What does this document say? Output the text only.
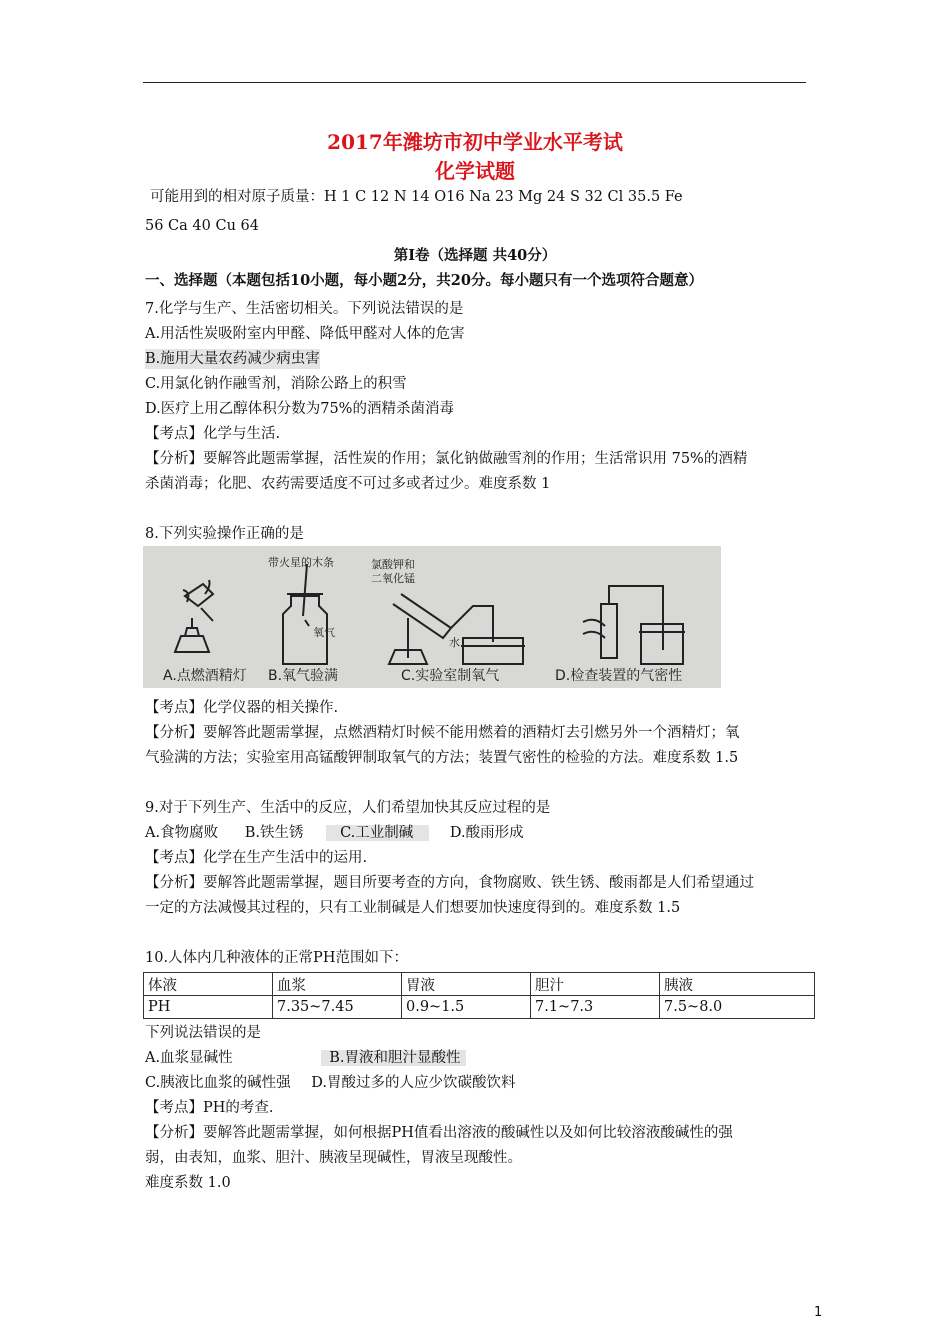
2017年潍坊市初中学业水平考试
化学试题
可能用到的相对原子质量：H 1 C 12 N 14 O16 Na 23 Mg 24 S 32 Cl 35.5 Fe
56 Ca 40 Cu 64
第Ⅰ卷（选择题 共40分）
一、选择题（本题包括10小题，每小题2分，共20分。每小题只有一个选项符合题意）
7.化学与生产、生活密切相关。下列说法错误的是
A.用活性炭吸附室内甲醛、降低甲醛对人体的危害
B.施用大量农药减少病虫害
C.用氯化钠作融雪剂，消除公路上的积雪
D.医疗上用乙醇体积分数为75%的酒精杀菌消毒
【考点】化学与生活.
【分析】要解答此题需掌握，活性炭的作用；氯化钠做融雪剂的作用；生活常识用 75%的酒精
杀菌消毒；化肥、农药需要适度不可过多或者过少。难度系数 1
8.下列实验操作正确的是
带火星的木条
氧气
氯酸钾和
二氧化锰
水
A.点燃酒精灯 B.氧气验满	C.实验室制氧气	D.检查装置的气密性
【考点】化学仪器的相关操作.
【分析】要解答此题需掌握，点燃酒精灯时候不能用燃着的酒精灯去引燃另外一个酒精灯；氧
气验满的方法；实验室用高锰酸钾制取氧气的方法；装置气密性的检验的方法。难度系数 1.5
9.对于下列生产、生活中的反应，人们希望加快其反应过程的是
A.食物腐败 B.铁生锈	C.工业制碱	D.酸雨形成
【考点】化学在生产生活中的运用.
【分析】要解答此题需掌握，题目所要考查的方向，食物腐败、铁生锈、酸雨都是人们希望通过
一定的方法减慢其过程的，只有工业制碱是人们想要加快速度得到的。难度系数 1.5
10.人体内几种液体的正常PH范围如下：
体液	血浆	胃液	胆汁	胰液
PH	7.35~7.45	0.9~1.5	7.1~7.3	7.5~8.0
下列说法错误的是
A.血浆显碱性	B.胃液和胆汁显酸性
C.胰液比血浆的碱性强 D.胃酸过多的人应少饮碳酸饮料
【考点】PH的考查.
【分析】要解答此题需掌握，如何根据PH值看出溶液的酸碱性以及如何比较溶液酸碱性的强
弱，由表知，血浆、胆汁、胰液呈现碱性，胃液呈现酸性。
难度系数 1.0
1
